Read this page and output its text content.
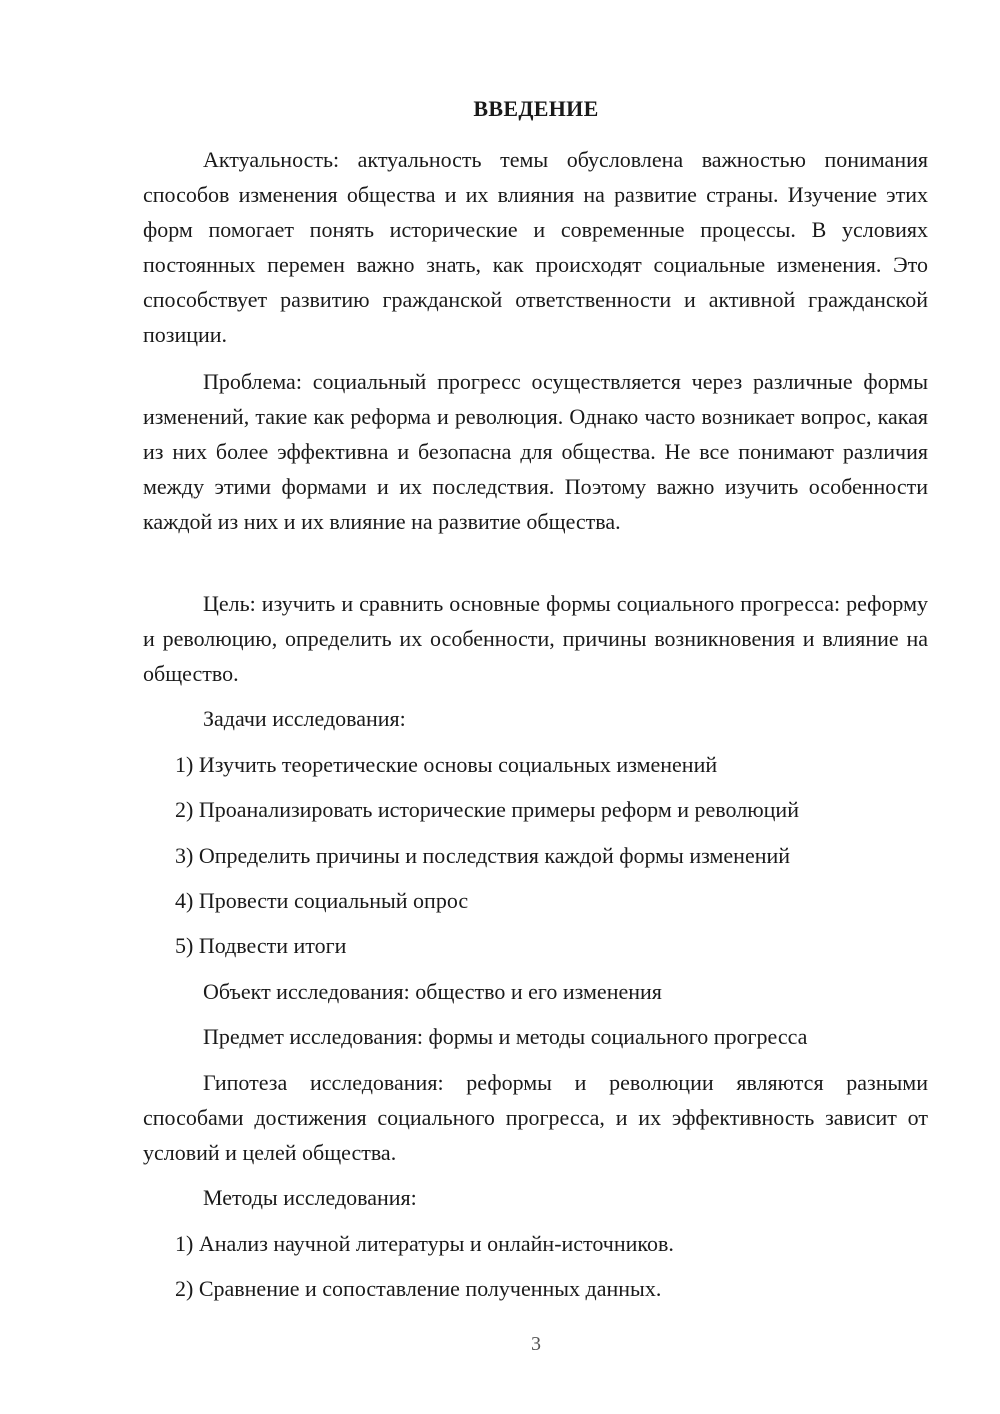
ВВЕДЕНИЕ

Актуальность: актуальность темы обусловлена важностью понимания способов изменения общества и их влияния на развитие страны. Изучение этих форм помогает понять исторические и современные процессы. В условиях постоянных перемен важно знать, как происходят социальные изменения. Это способствует развитию гражданской ответственности и активной гражданской позиции.

Проблема: социальный прогресс осуществляется через различные формы изменений, такие как реформа и революция. Однако часто возникает вопрос, какая из них более эффективна и безопасна для общества. Не все понимают различия между этими формами и их последствия. Поэтому важно изучить особенности каждой из них и их влияние на развитие общества.

Цель: изучить и сравнить основные формы социального прогресса: реформу и революцию, определить их особенности, причины возникновения и влияние на общество.

Задачи исследования:
1) Изучить теоретические основы социальных изменений
2) Проанализировать исторические примеры реформ и революций
3) Определить причины и последствия каждой формы изменений
4) Провести социальный опрос
5) Подвести итоги
Объект исследования: общество и его изменения
Предмет исследования: формы и методы социального прогресса

Гипотеза исследования: реформы и революции являются разными способами достижения социального прогресса, и их эффективность зависит от условий и целей общества.

Методы исследования:
1) Анализ научной литературы и онлайн-источников.
2) Сравнение и сопоставление полученных данных.
3
